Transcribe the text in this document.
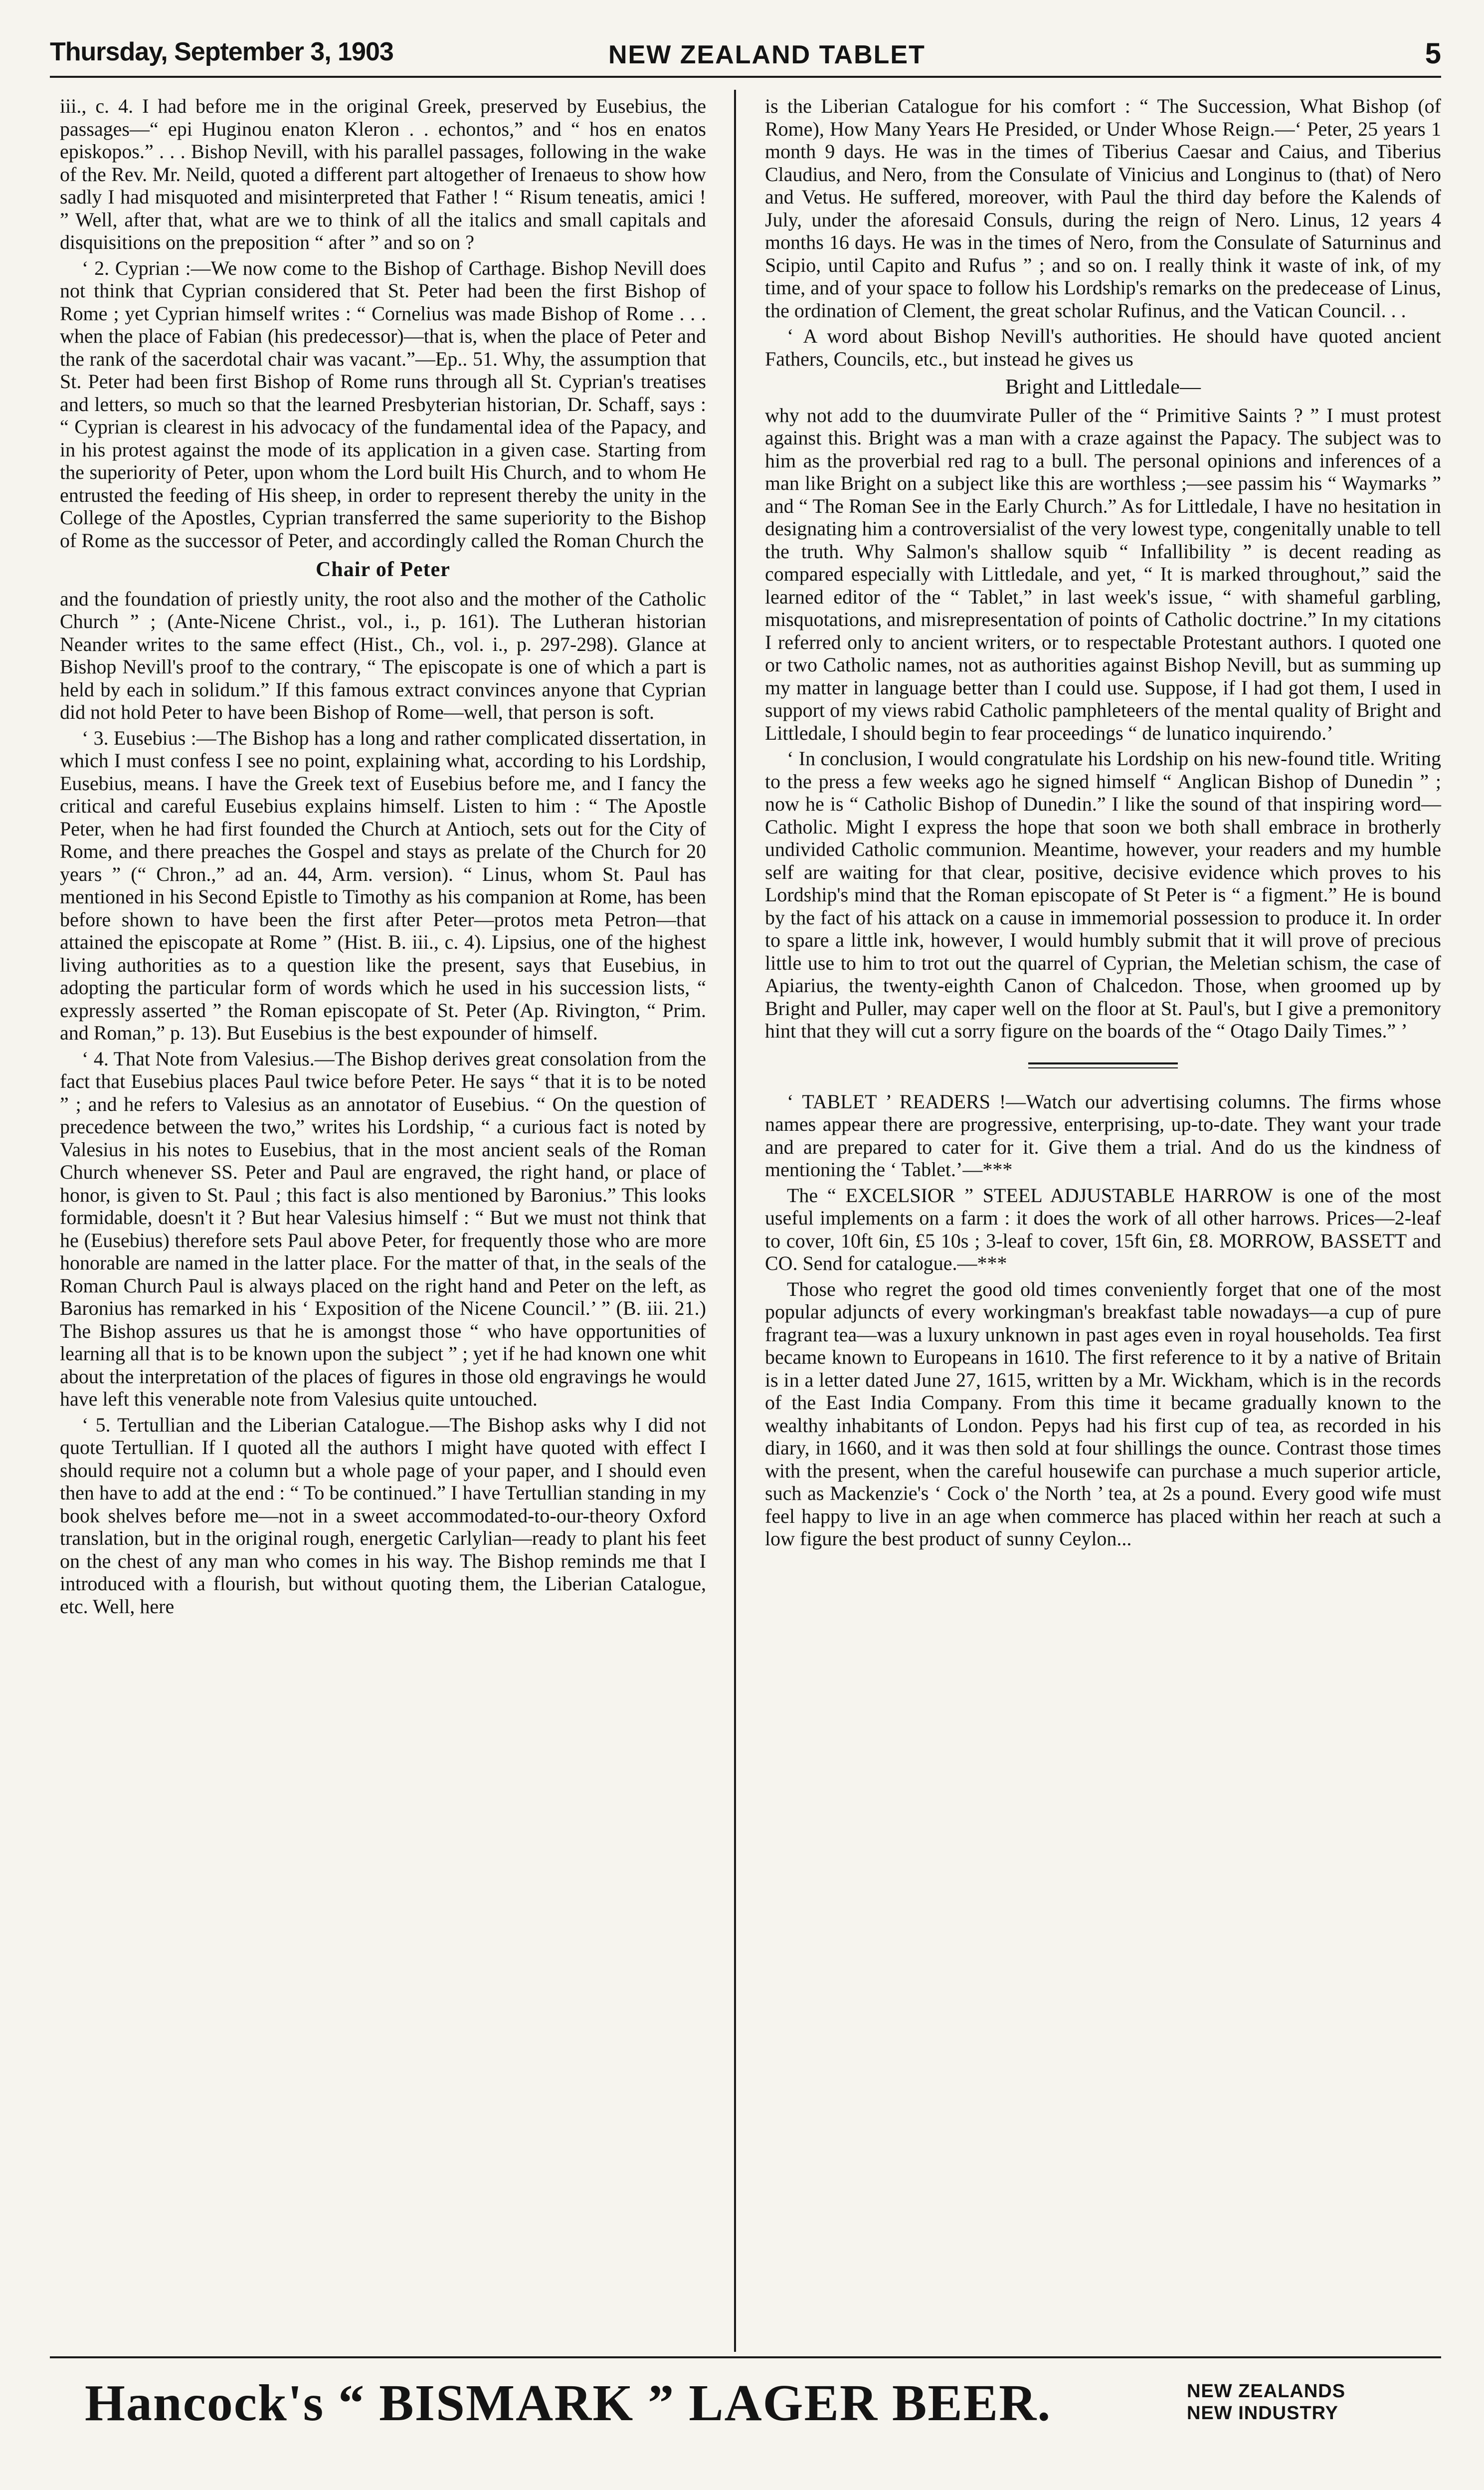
Thursday, September 3, 1903	NEW ZEALAND TABLET	5

iii., c. 4. I had before me in the original Greek, preserved by Eusebius, the passages—“ epi Huginou enaton Kleron . . echontos,” and “ hos en enatos episkopos.” . . . Bishop Nevill, with his parallel passages, following in the wake of the Rev. Mr. Neild, quoted a different part altogether of Irenaeus to show how sadly I had misquoted and misinterpreted that Father ! “ Risum teneatis, amici ! ” Well, after that, what are we to think of all the italics and small capitals and disquisitions on the preposition “ after ” and so on ?

‘ 2. Cyprian :—We now come to the Bishop of Carthage. Bishop Nevill does not think that Cyprian considered that St. Peter had been the first Bishop of Rome ; yet Cyprian himself writes : “ Cornelius was made Bishop of Rome . . . when the place of Fabian (his predecessor)—that is, when the place of Peter and the rank of the sacerdotal chair was vacant.”—Ep.. 51. Why, the assumption that St. Peter had been first Bishop of Rome runs through all St. Cyprian's treatises and letters, so much so that the learned Presbyterian historian, Dr. Schaff, says : “ Cyprian is clearest in his advocacy of the fundamental idea of the Papacy, and in his protest against the mode of its application in a given case. Starting from the superiority of Peter, upon whom the Lord built His Church, and to whom He entrusted the feeding of His sheep, in order to represent thereby the unity in the College of the Apostles, Cyprian transferred the same superiority to the Bishop of Rome as the successor of Peter, and accordingly called the Roman Church the

Chair of Peter

and the foundation of priestly unity, the root also and the mother of the Catholic Church ” ; (Ante-Nicene Christ., vol., i., p. 161). The Lutheran historian Neander writes to the same effect (Hist., Ch., vol. i., p. 297-298). Glance at Bishop Nevill's proof to the contrary, “ The episcopate is one of which a part is held by each in solidum.” If this famous extract convinces anyone that Cyprian did not hold Peter to have been Bishop of Rome—well, that person is soft.

‘ 3. Eusebius :—The Bishop has a long and rather complicated dissertation, in which I must confess I see no point, explaining what, according to his Lordship, Eusebius, means. I have the Greek text of Eusebius before me, and I fancy the critical and careful Eusebius explains himself. Listen to him : “ The Apostle Peter, when he had first founded the Church at Antioch, sets out for the City of Rome, and there preaches the Gospel and stays as prelate of the Church for 20 years ” (“ Chron.,” ad an. 44, Arm. version). “ Linus, whom St. Paul has mentioned in his Second Epistle to Timothy as his companion at Rome, has been before shown to have been the first after Peter—protos meta Petron—that attained the episcopate at Rome ” (Hist. B. iii., c. 4). Lipsius, one of the highest living authorities as to a question like the present, says that Eusebius, in adopting the particular form of words which he used in his succession lists, “ expressly asserted ” the Roman episcopate of St. Peter (Ap. Rivington, “ Prim. and Roman,” p. 13). But Eusebius is the best expounder of himself.

‘ 4. That Note from Valesius.—The Bishop derives great consolation from the fact that Eusebius places Paul twice before Peter. He says “ that it is to be noted ” ; and he refers to Valesius as an annotator of Eusebius. “ On the question of precedence between the two,” writes his Lordship, “ a curious fact is noted by Valesius in his notes to Eusebius, that in the most ancient seals of the Roman Church whenever SS. Peter and Paul are engraved, the right hand, or place of honor, is given to St. Paul ; this fact is also mentioned by Baronius.” This looks formidable, doesn't it ? But hear Valesius himself : “ But we must not think that he (Eusebius) therefore sets Paul above Peter, for frequently those who are more honorable are named in the latter place. For the matter of that, in the seals of the Roman Church Paul is always placed on the right hand and Peter on the left, as Baronius has remarked in his ‘ Exposition of the Nicene Council.’ ” (B. iii. 21.) The Bishop assures us that he is amongst those “ who have opportunities of learning all that is to be known upon the subject ” ; yet if he had known one whit about the interpretation of the places of figures in those old engravings he would have left this venerable note from Valesius quite untouched.

‘ 5. Tertullian and the Liberian Catalogue.—The Bishop asks why I did not quote Tertullian. If I quoted all the authors I might have quoted with effect I should require not a column but a whole page of your paper, and I should even then have to add at the end : “ To be continued.” I have Tertullian standing in my book shelves before me—not in a sweet accommodated-to-our-theory Oxford translation, but in the original rough, energetic Carlylian—ready to plant his feet on the chest of any man who comes in his way. The Bishop reminds me that I introduced with a flourish, but without quoting them, the Liberian Catalogue, etc. Well, here

is the Liberian Catalogue for his comfort : “ The Succession, What Bishop (of Rome), How Many Years He Presided, or Under Whose Reign.—‘ Peter, 25 years 1 month 9 days. He was in the times of Tiberius Caesar and Caius, and Tiberius Claudius, and Nero, from the Consulate of Vinicius and Longinus to (that) of Nero and Vetus. He suffered, moreover, with Paul the third day before the Kalends of July, under the aforesaid Consuls, during the reign of Nero. Linus, 12 years 4 months 16 days. He was in the times of Nero, from the Consulate of Saturninus and Scipio, until Capito and Rufus ” ; and so on. I really think it waste of ink, of my time, and of your space to follow his Lordship's remarks on the predecease of Linus, the ordination of Clement, the great scholar Rufinus, and the Vatican Council. . .

‘ A word about Bishop Nevill's authorities. He should have quoted ancient Fathers, Councils, etc., but instead he gives us

Bright and Littledale—

why not add to the duumvirate Puller of the “ Primitive Saints ? ” I must protest against this. Bright was a man with a craze against the Papacy. The subject was to him as the proverbial red rag to a bull. The personal opinions and inferences of a man like Bright on a subject like this are worthless ;—see passim his “ Waymarks ” and “ The Roman See in the Early Church.” As for Littledale, I have no hesitation in designating him a controversialist of the very lowest type, congenitally unable to tell the truth. Why Salmon's shallow squib “ Infallibility ” is decent reading as compared especially with Littledale, and yet, “ It is marked throughout,” said the learned editor of the “ Tablet,” in last week's issue, “ with shameful garbling, misquotations, and misrepresentation of points of Catholic doctrine.” In my citations I referred only to ancient writers, or to respectable Protestant authors. I quoted one or two Catholic names, not as authorities against Bishop Nevill, but as summing up my matter in language better than I could use. Suppose, if I had got them, I used in support of my views rabid Catholic pamphleteers of the mental quality of Bright and Littledale, I should begin to fear proceedings “ de lunatico inquirendo.’

‘ In conclusion, I would congratulate his Lordship on his new-found title. Writing to the press a few weeks ago he signed himself “ Anglican Bishop of Dunedin ” ; now he is “ Catholic Bishop of Dunedin.” I like the sound of that inspiring word—Catholic. Might I express the hope that soon we both shall embrace in brotherly undivided Catholic communion. Meantime, however, your readers and my humble self are waiting for that clear, positive, decisive evidence which proves to his Lordship's mind that the Roman episcopate of St Peter is “ a figment.” He is bound by the fact of his attack on a cause in immemorial possession to produce it. In order to spare a little ink, however, I would humbly submit that it will prove of precious little use to him to trot out the quarrel of Cyprian, the Meletian schism, the case of Apiarius, the twenty-eighth Canon of Chalcedon. Those, when groomed up by Bright and Puller, may caper well on the floor at St. Paul's, but I give a premonitory hint that they will cut a sorry figure on the boards of the “ Otago Daily Times.” ’

‘ TABLET ’ READERS !—Watch our advertising columns. The firms whose names appear there are progressive, enterprising, up-to-date. They want your trade and are prepared to cater for it. Give them a trial. And do us the kindness of mentioning the ‘ Tablet.’—***

The “ EXCELSIOR ” STEEL ADJUSTABLE HARROW is one of the most useful implements on a farm : it does the work of all other harrows. Prices—2-leaf to cover, 10ft 6in, £5 10s ; 3-leaf to cover, 15ft 6in, £8. MORROW, BASSETT and CO. Send for catalogue.—***

Those who regret the good old times conveniently forget that one of the most popular adjuncts of every workingman's breakfast table nowadays—a cup of pure fragrant tea—was a luxury unknown in past ages even in royal households. Tea first became known to Europeans in 1610. The first reference to it by a native of Britain is in a letter dated June 27, 1615, written by a Mr. Wickham, which is in the records of the East India Company. From this time it became gradually known to the wealthy inhabitants of London. Pepys had his first cup of tea, as recorded in his diary, in 1660, and it was then sold at four shillings the ounce. Contrast those times with the present, when the careful housewife can purchase a much superior article, such as Mackenzie's ‘ Cock o' the North ’ tea, at 2s a pound. Every good wife must feel happy to live in an age when commerce has placed within her reach at such a low figure the best product of sunny Ceylon...

Hancock's “ BISMARK ” LAGER BEER.	NEW ZEALANDS
NEW INDUSTRY
